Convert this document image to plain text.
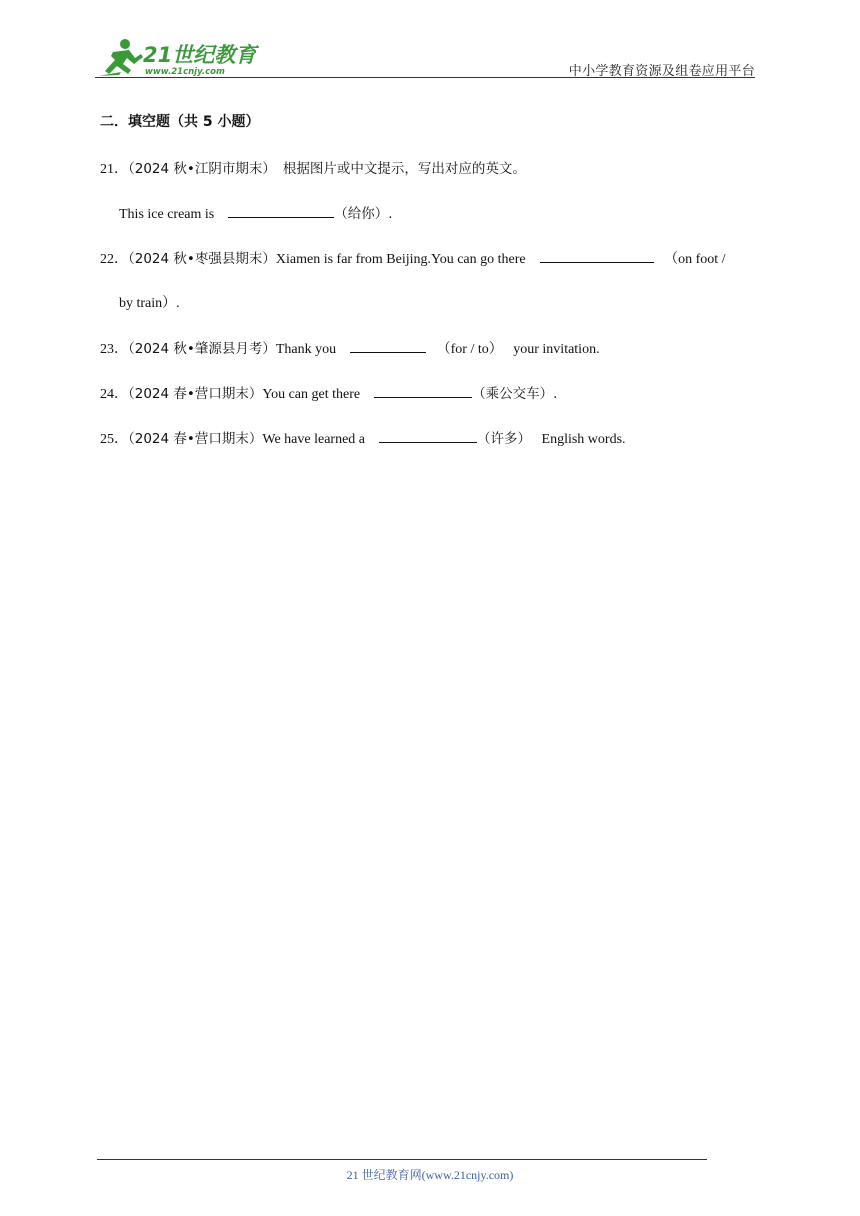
21世纪教育
www.21cnjy.com	中小学教育资源及组卷应用平台
二．填空题（共 5 小题）
21．（2024 秋•江阴市期末） 根据图片或中文提示，写出对应的英文。
This ice cream is	（给你）.
22．（2024 秋•枣强县期末）Xiamen is far from Beijing.You can go there	（on foot /
by train）.
23．（2024 秋•肇源县月考）Thank you	（for / to） your invitation.
24．（2024 春•营口期末）You can get there	（乘公交车）.
25．（2024 春•营口期末）We have learned a	（许多） English words.
21 世纪教育网(www.21cnjy.com)
